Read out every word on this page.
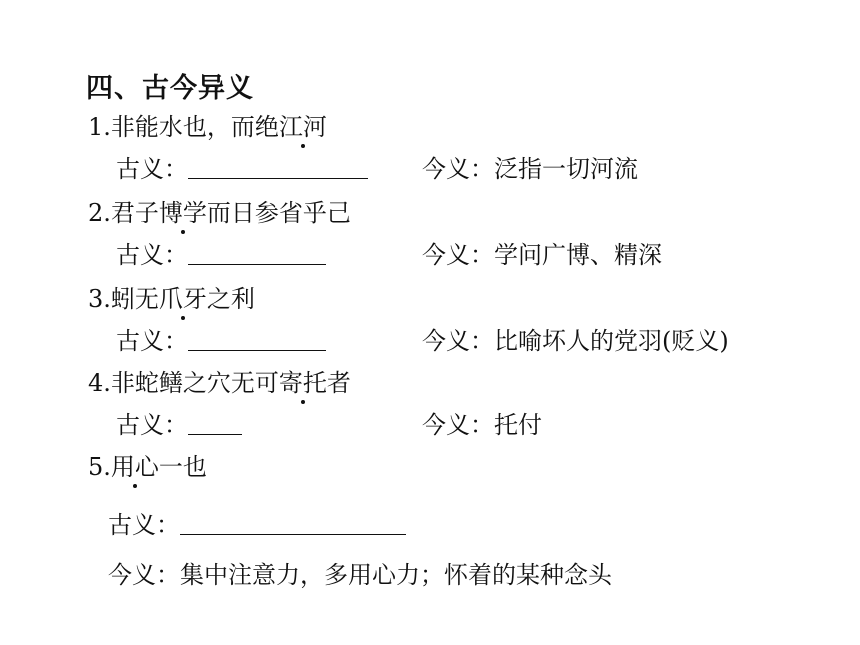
四、古今异义
1.非能水也，而绝江河
古义：	今义：泛指一切河流
2.君子博学而日参省乎己
古义：	今义：学问广博、精深
3.蚓无爪牙之利
古义：	今义：比喻坏人的党羽(贬义)
4.非蛇鳝之穴无可寄托者
古义：	今义：托付
5.用心一也
古义：
今义：集中注意力，多用心力；怀着的某种念头
